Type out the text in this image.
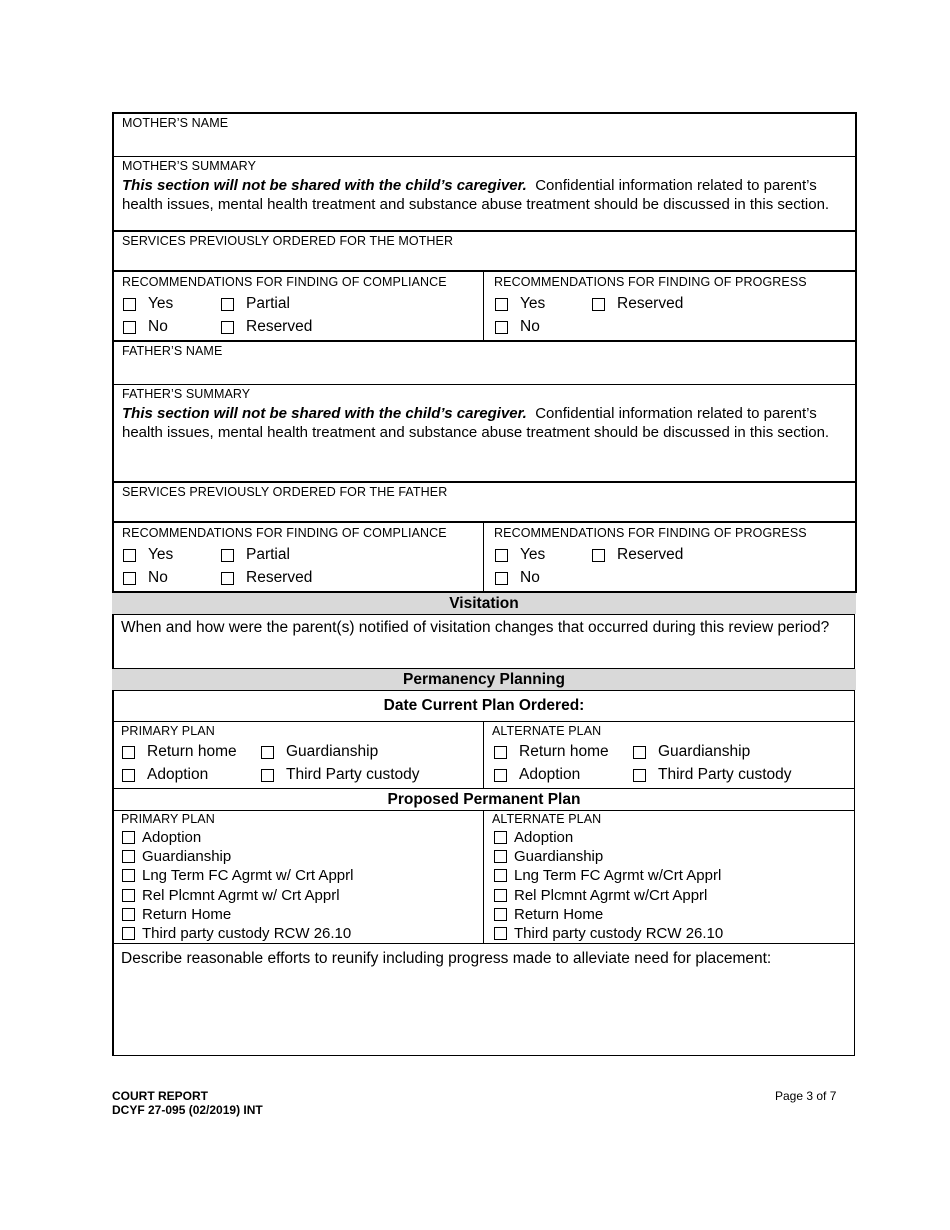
MOTHER’S NAME
MOTHER’S SUMMARY
This section will not be shared with the child’s caregiver. Confidential information related to parent’s health issues, mental health treatment and substance abuse treatment should be discussed in this section.
SERVICES PREVIOUSLY ORDERED FOR THE MOTHER
RECOMMENDATIONS FOR FINDING OF COMPLIANCE
Yes	Partial
No	Reserved
RECOMMENDATIONS FOR FINDING OF PROGRESS
Yes	Reserved
No
FATHER’S NAME
FATHER’S SUMMARY
This section will not be shared with the child’s caregiver. Confidential information related to parent’s health issues, mental health treatment and substance abuse treatment should be discussed in this section.
SERVICES PREVIOUSLY ORDERED FOR THE FATHER
RECOMMENDATIONS FOR FINDING OF COMPLIANCE
Yes	Partial
No	Reserved
RECOMMENDATIONS FOR FINDING OF PROGRESS
Yes	Reserved
No
Visitation
When and how were the parent(s) notified of visitation changes that occurred during this review period?
Permanency Planning
Date Current Plan Ordered:
PRIMARY PLAN
Return home	Guardianship
Adoption	Third Party custody
ALTERNATE PLAN
Return home	Guardianship
Adoption	Third Party custody
Proposed Permanent Plan
PRIMARY PLAN
Adoption
Guardianship
Lng Term FC Agrmt w/ Crt Apprl
Rel Plcmnt Agrmt w/ Crt Apprl
Return Home
Third party custody RCW 26.10
ALTERNATE PLAN
Adoption
Guardianship
Lng Term FC Agrmt w/Crt Apprl
Rel Plcmnt Agrmt w/Crt Apprl
Return Home
Third party custody RCW 26.10
Describe reasonable efforts to reunify including progress made to alleviate need for placement:
COURT REPORT
DCYF 27-095 (02/2019) INT
Page 3 of 7
